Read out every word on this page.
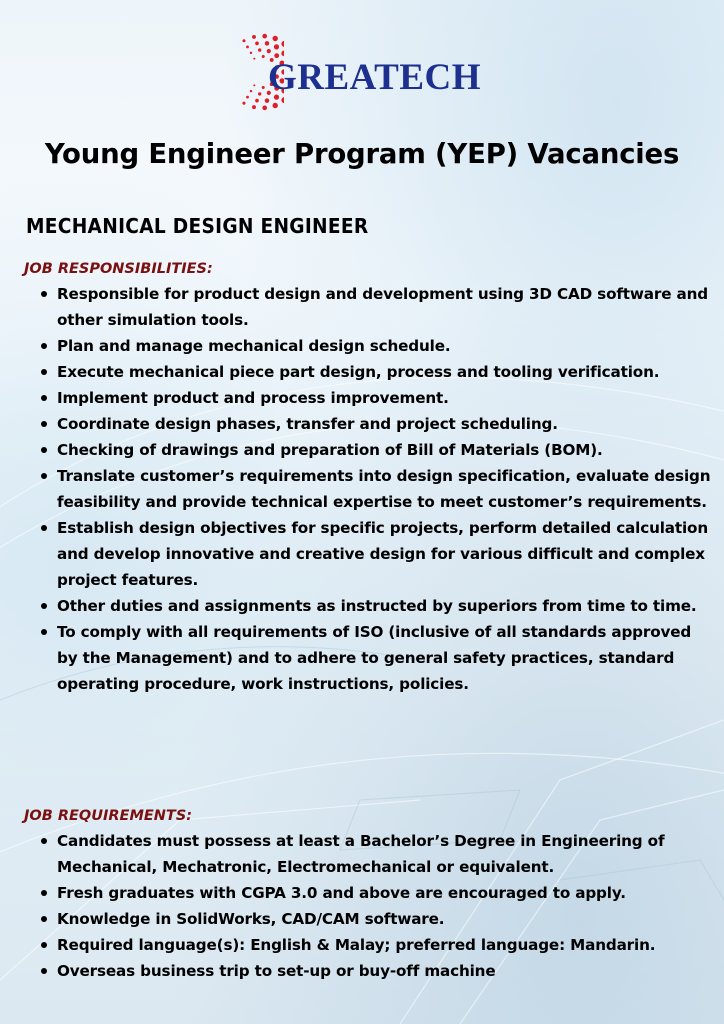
GREATECH
Young Engineer Program (YEP) Vacancies
MECHANICAL DESIGN ENGINEER
JOB RESPONSIBILITIES:
Responsible for product design and development using 3D CAD software and other simulation tools.
Plan and manage mechanical design schedule.
Execute mechanical piece part design, process and tooling verification.
Implement product and process improvement.
Coordinate design phases, transfer and project scheduling.
Checking of drawings and preparation of Bill of Materials (BOM).
Translate customer’s requirements into design specification, evaluate design feasibility and provide technical expertise to meet customer’s requirements.
Establish design objectives for specific projects, perform detailed calculation and develop innovative and creative design for various difficult and complex project features.
Other duties and assignments as instructed by superiors from time to time.
To comply with all requirements of ISO (inclusive of all standards approved by the Management) and to adhere to general safety practices, standard operating procedure, work instructions, policies.
JOB REQUIREMENTS:
Candidates must possess at least a Bachelor’s Degree in Engineering of Mechanical, Mechatronic, Electromechanical or equivalent.
Fresh graduates with CGPA 3.0 and above are encouraged to apply.
Knowledge in SolidWorks, CAD/CAM software.
Required language(s): English & Malay; preferred language: Mandarin.
Overseas business trip to set-up or buy-off machine
